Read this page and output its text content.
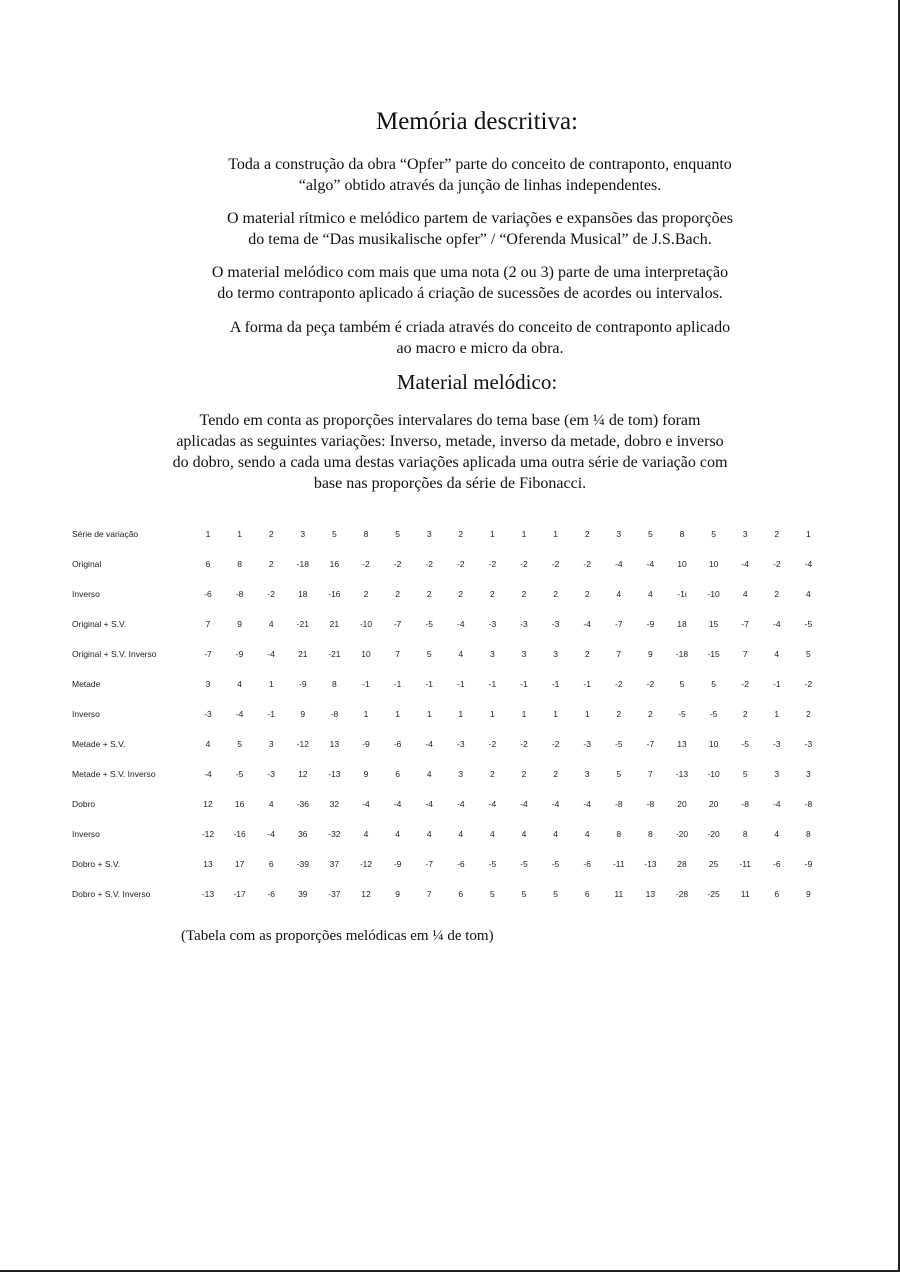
Memória descritiva:
Toda a construção da obra “Opfer” parte do conceito de contraponto, enquanto
“algo” obtido através da junção de linhas independentes.
O material rítmico e melódico partem de variações e expansões das proporções
do tema de “Das musikalische opfer” / “Oferenda Musical” de J.S.Bach.
O material melódico com mais que uma nota (2 ou 3) parte de uma interpretação
do termo contraponto aplicado á criação de sucessões de acordes ou intervalos.
A forma da peça também é criada através do conceito de contraponto aplicado
ao macro e micro da obra.
Material melódico:
Tendo em conta as proporções intervalares do tema base (em ¼ de tom) foram
aplicadas as seguintes variações: Inverso, metade, inverso da metade, dobro e inverso
do dobro, sendo a cada uma destas variações aplicada uma outra série de variação com
base nas proporções da série de Fibonacci.
Série de variação	1	1	2	3	5	8	5	3	2	1	1	1	2	3	5	8	5	3	2	1
Original	6	8	2	-18	16	-2	-2	-2	-2	-2	-2	-2	-2	-4	-4	10	10	-4	-2	-4
Inverso	-6	-8	-2	18	-16	2	2	2	2	2	2	2	2	4	4	-1ι	-10	4	2	4
Original + S.V.	7	9	4	-21	21	-10	-7	-5	-4	-3	-3	-3	-4	-7	-9	18	15	-7	-4	-5
Original + S.V. Inverso	-7	-9	-4	21	-21	10	7	5	4	3	3	3	2	7	9	-18	-15	7	4	5
Metade	3	4	1	-9	8	-1	-1	-1	-1	-1	-1	-1	-1	-2	-2	5	5	-2	-1	-2
Inverso	-3	-4	-1	9	-8	1	1	1	1	1	1	1	1	2	2	-5	-5	2	1	2
Metade + S.V.	4	5	3	-12	13	-9	-6	-4	-3	-2	-2	-2	-3	-5	-7	13	10	-5	-3	-3
Metade + S.V. Inverso	-4	-5	-3	12	-13	9	6	4	3	2	2	2	3	5	7	-13	-10	5	3	3
Dobro	12	16	4	-36	32	-4	-4	-4	-4	-4	-4	-4	-4	-8	-8	20	20	-8	-4	-8
Inverso	-12	-16	-4	36	-32	4	4	4	4	4	4	4	4	8	8	-20	-20	8	4	8
Dobro + S.V.	13	17	6	-39	37	-12	-9	-7	-6	-5	-5	-5	-6	-11	-13	28	25	-11	-6	-9
Dobro + S.V. Inverso	-13	-17	-6	39	-37	12	9	7	6	5	5	5	6	11	13	-28	-25	11	6	9
(Tabela com as proporções melódicas em ¼ de tom)
